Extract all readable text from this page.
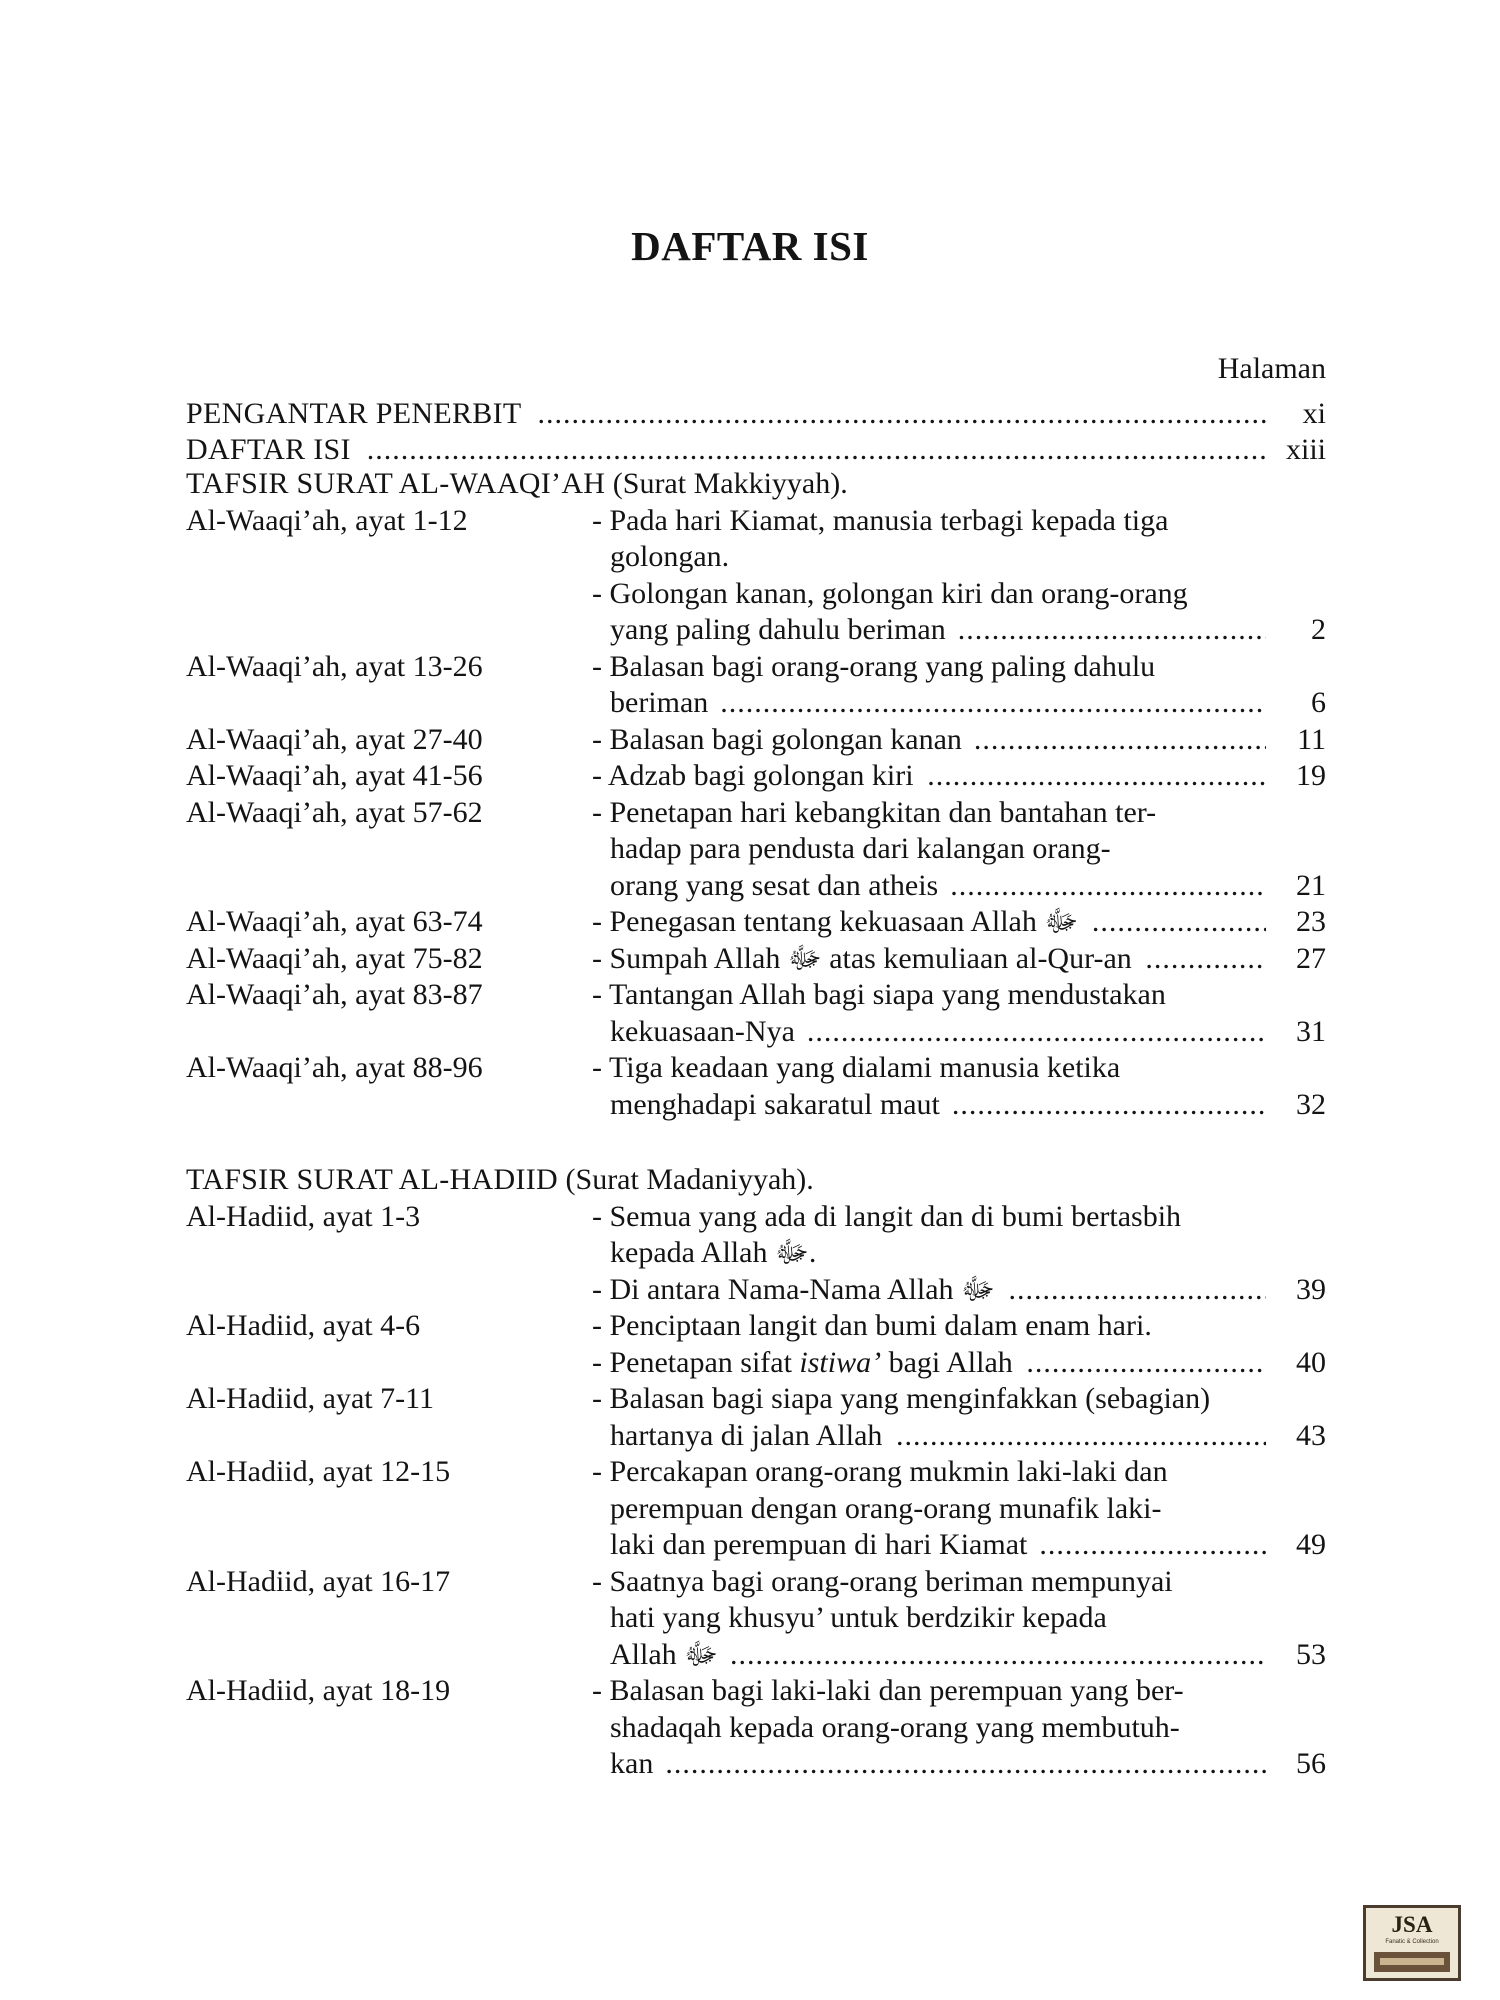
DAFTAR ISI
Halaman
PENGANTAR PENERBIT	xi
.....
DAFTAR ISI	xiii
.....
TAFSIR SURAT AL-WAAQI’AH (Surat Makkiyyah).
Al-Waaqi’ah, ayat 1-12	- Pada hari Kiamat, manusia terbagi kepada tiga
golongan.
- Golongan kanan, golongan kiri dan orang-orang
yang paling dahulu beriman	2
.....
Al-Waaqi’ah, ayat 13-26	- Balasan bagi orang-orang yang paling dahulu
beriman	6
.....
Al-Waaqi’ah, ayat 27-40	- Balasan bagi golongan kanan	11
.....
Al-Waaqi’ah, ayat 41-56	- Adzab bagi golongan kiri	19
.....
Al-Waaqi’ah, ayat 57-62	- Penetapan hari kebangkitan dan bantahan ter-
hadap para pendusta dari kalangan orang-
orang yang sesat dan atheis	21
.....
Al-Waaqi’ah, ayat 63-74	- Penegasan tentang kekuasaan Allah ﷻ	23
.....
Al-Waaqi’ah, ayat 75-82	- Sumpah Allah ﷻ atas kemuliaan al-Qur-an	27
.....
Al-Waaqi’ah, ayat 83-87	- Tantangan Allah bagi siapa yang mendustakan
kekuasaan-Nya	31
.....
Al-Waaqi’ah, ayat 88-96	- Tiga keadaan yang dialami manusia ketika
menghadapi sakaratul maut	32
.....
TAFSIR SURAT AL-HADIID (Surat Madaniyyah).
Al-Hadiid, ayat 1-3	- Semua yang ada di langit dan di bumi bertasbih
kepada Allah ﷻ.
- Di antara Nama-Nama Allah ﷻ	39
.....
Al-Hadiid, ayat 4-6	- Penciptaan langit dan bumi dalam enam hari.
- Penetapan sifat istiwa’ bagi Allah	40
.....
Al-Hadiid, ayat 7-11	- Balasan bagi siapa yang menginfakkan (sebagian)
hartanya di jalan Allah	43
.....
Al-Hadiid, ayat 12-15	- Percakapan orang-orang mukmin laki-laki dan
perempuan dengan orang-orang munafik laki-
laki dan perempuan di hari Kiamat	49
.....
Al-Hadiid, ayat 16-17	- Saatnya bagi orang-orang beriman mempunyai
hati yang khusyu’ untuk berdzikir kepada
Allah ﷻ	53
.....
Al-Hadiid, ayat 18-19	- Balasan bagi laki-laki dan perempuan yang ber-
shadaqah kepada orang-orang yang membutuh-
kan	56
.....
JSA
Fanatic & Collection
